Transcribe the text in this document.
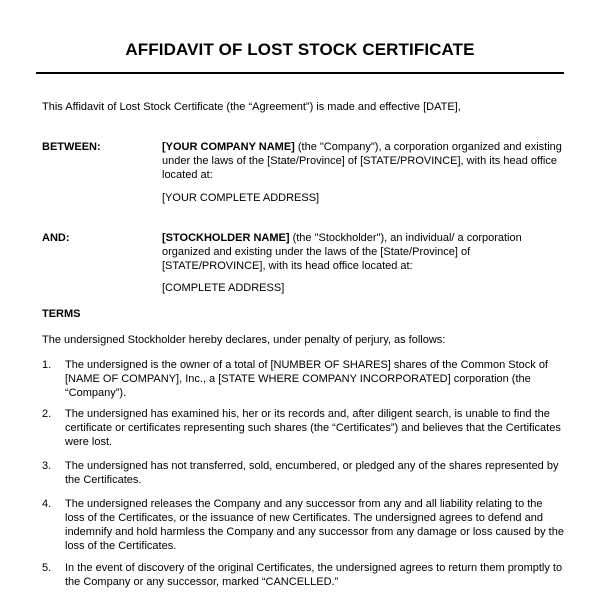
AFFIDAVIT OF LOST STOCK CERTIFICATE
This Affidavit of Lost Stock Certificate (the “Agreement”) is made and effective [DATE],
BETWEEN:	[YOUR COMPANY NAME] (the "Company"), a corporation organized and existing under the laws of the [State/Province] of [STATE/PROVINCE], with its head office located at:
[YOUR COMPLETE ADDRESS]
AND:	[STOCKHOLDER NAME] (the "Stockholder"), an individual/ a corporation organized and existing under the laws of the [State/Province] of [STATE/PROVINCE], with its head office located at:
[COMPLETE ADDRESS]
TERMS
The undersigned Stockholder hereby declares, under penalty of perjury, as follows:
1.	The undersigned is the owner of a total of [NUMBER OF SHARES] shares of the Common Stock of [NAME OF COMPANY], Inc., a [STATE WHERE COMPANY INCORPORATED] corporation (the “Company”).
2.	The undersigned has examined his, her or its records and, after diligent search, is unable to find the certificate or certificates representing such shares (the “Certificates”) and believes that the Certificates were lost.
3.	The undersigned has not transferred, sold, encumbered, or pledged any of the shares represented by the Certificates.
4.	The undersigned releases the Company and any successor from any and all liability relating to the loss of the Certificates, or the issuance of new Certificates. The undersigned agrees to defend and indemnify and hold harmless the Company and any successor from any damage or loss caused by the loss of the Certificates.
5.	In the event of discovery of the original Certificates, the undersigned agrees to return them promptly to the Company or any successor, marked “CANCELLED.”
